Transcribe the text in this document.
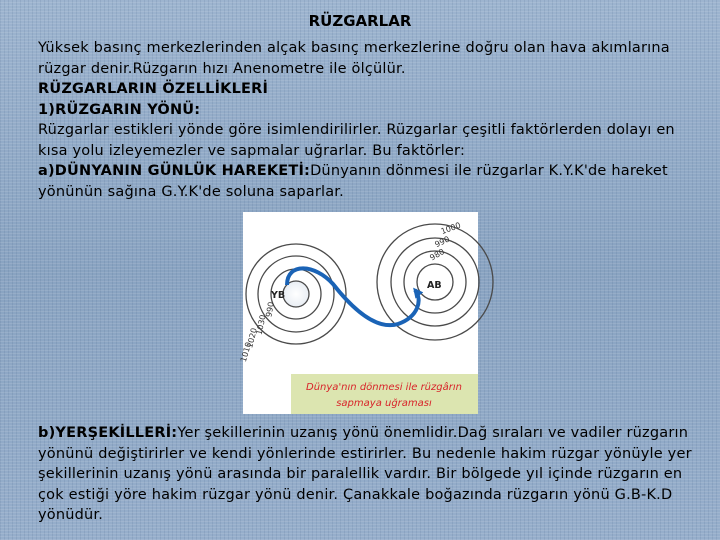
RÜZGARLAR
Yüksek basınç merkezlerinden alçak basınç merkezlerine doğru olan hava akımlarına rüzgar denir.Rüzgarın hızı Anenometre ile ölçülür.
RÜZGARLARIN ÖZELLİKLERİ
1)RÜZGARIN YÖNÜ:
Rüzgarlar estikleri yönde göre isimlendirilirler. Rüzgarlar çeşitli faktörlerden dolayı en kısa yolu izleyemezler ve sapmalar uğrarlar. Bu faktörler:
a)DÜNYANIN GÜNLÜK HAREKETİ:Dünyanın dönmesi ile rüzgarlar K.Y.K'de hareket yönünün sağına G.Y.K'de soluna saparlar.
YB
AB
990
1030
1020
1010
1000
990
980
Dünya'nın dönmesi ile rüzgârın
sapmaya uğraması
b)YERŞEKİLLERİ:Yer şekillerinin uzanış yönü önemlidir.Dağ sıraları ve vadiler rüzgarın yönünü değiştirirler ve kendi yönlerinde estirirler. Bu nedenle hakim rüzgar yönüyle yer şekillerinin uzanış yönü arasında bir paralellik vardır. Bir bölgede yıl içinde rüzgarın en çok estiği yöre hakim rüzgar yönü denir. Çanakkale boğazında rüzgarın yönü G.B-K.D yönüdür.
